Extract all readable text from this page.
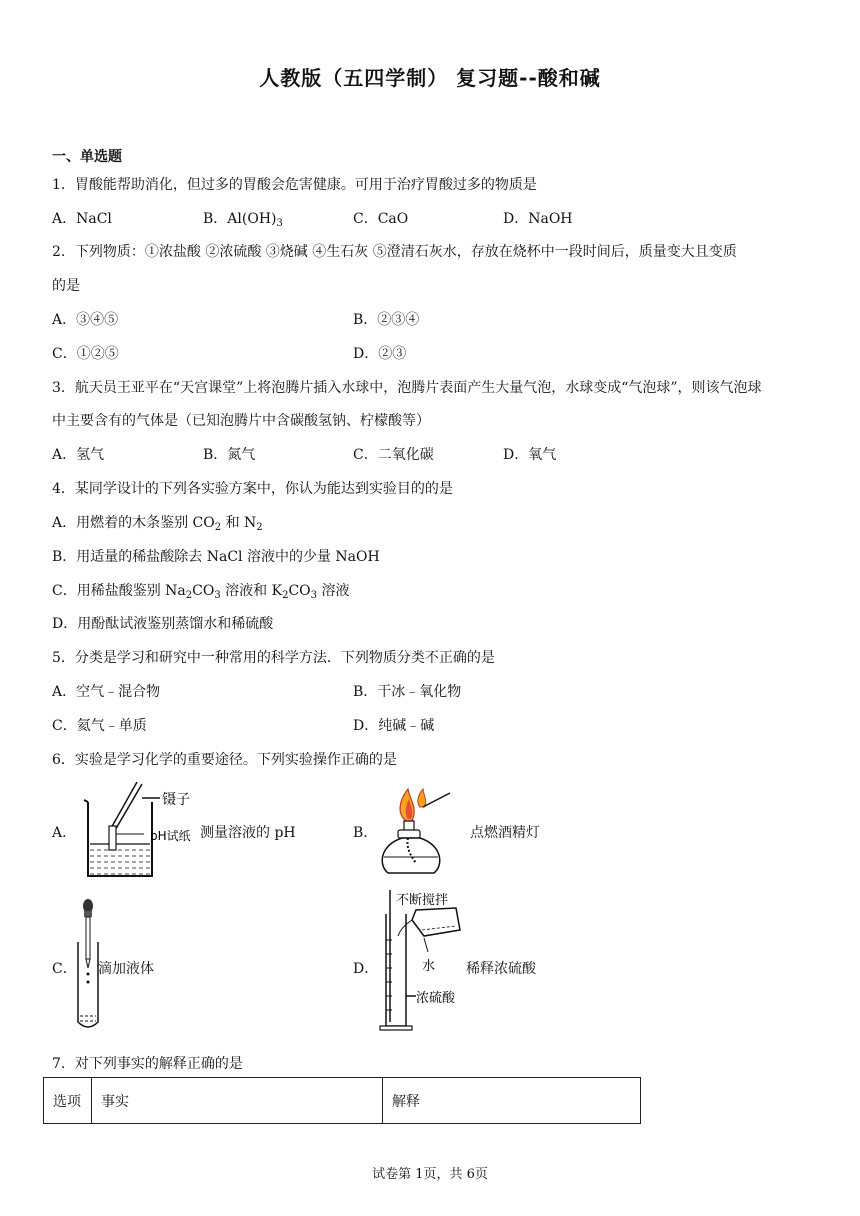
人教版（五四学制） 复习题--酸和碱
一、单选题
1．胃酸能帮助消化，但过多的胃酸会危害健康。可用于治疗胃酸过多的物质是
A．NaCl	B．$Al(OH)_3$	C．CaO	D．NaOH
2．下列物质：①浓盐酸 ②浓硫酸 ③烧碱 ④生石灰 ⑤澄清石灰水，存放在烧杯中一段时间后，质量变大且变质
的是
A．③④⑤	B．②③④
C．①②⑤	D．②③
3．航天员王亚平在“天宫课堂”上将泡腾片插入水球中，泡腾片表面产生大量气泡，水球变成“气泡球”，则该气泡球
中主要含有的气体是（已知泡腾片中含碳酸氢钠、柠檬酸等）
A．氢气	B．氮气	C．二氧化碳	D．氧气
4．某同学设计的下列各实验方案中，你认为能达到实验目的的是
A．用燃着的木条鉴别 $CO_2$ 和 $N_2$
B．用适量的稀盐酸除去 NaCl 溶液中的少量 NaOH
C．用稀盐酸鉴别 $Na_2CO_3$ 溶液和 $K_2CO_3$ 溶液
D．用酚酞试液鉴别蒸馏水和稀硫酸
5．分类是学习和研究中一种常用的科学方法．下列物质分类不正确的是
A．空气﹣混合物	B．干冰﹣氧化物
C．氦气﹣单质	D．纯碱﹣碱
6．实验是学习化学的重要途径。下列实验操作正确的是
A．
镊子
pH试纸 测量溶液的 pH	B．	点燃酒精灯
C． 滴加液体	D．
不断搅拌
水
浓硫酸
稀释浓硫酸
7．对下列事实的解释正确的是
选项	事实	解释
试卷第 1页，共 6页
